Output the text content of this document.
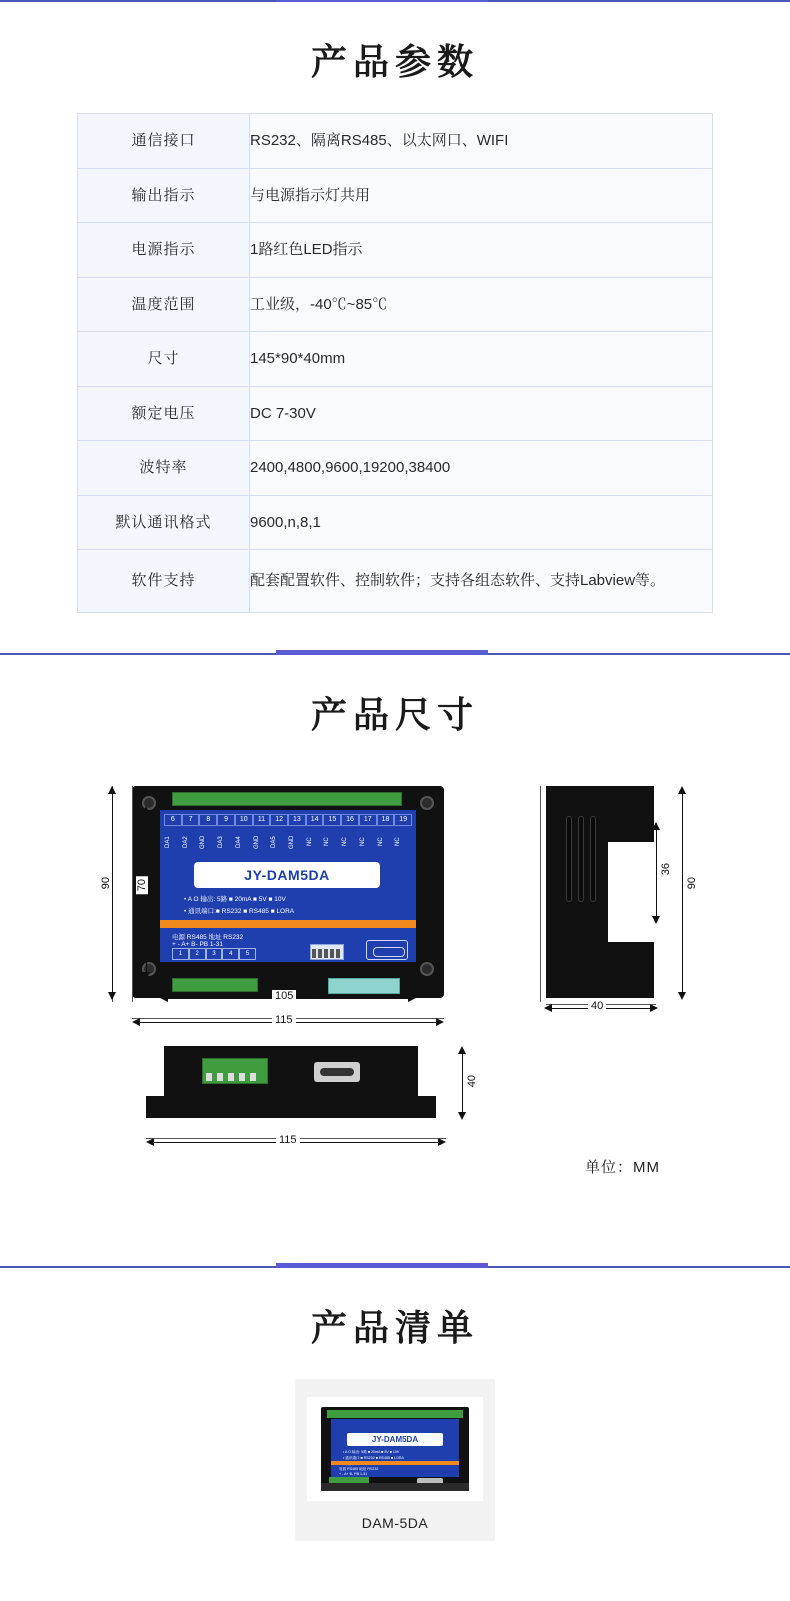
产品参数
通信接口	RS232、隔离RS485、以太网口、WIFI
输出指示	与电源指示灯共用
电源指示	1路红色LED指示
温度范围	工业级，-40℃~85℃
尺寸	145*90*40mm
额定电压	DC 7-30V
波特率	2400,4800,9600,19200,38400
默认通讯格式	9600,n,8,1
软件支持	配套配置软件、控制软件；支持各组态软件、支持Labview等。
产品尺寸
6	7	8	9	10	11	12	13	14	15	16	17	18	19
DA1	DA2	GND	DA3	DA4	GND	DA5	GND	NC	NC	NC	NC	NC	NC
JY-DAM5DA
• A O 输出: 5路 ■ 20mA ■ 5V ■ 10V
• 通讯端口:■ RS232 ■ RS485 ■ LORA
电源 RS485 地址 RS232
+ - A+ B- PB 1-31
1	2	3	4	5
90 70
105
115
90
36
40
40
115
单位：MM
产品清单
JY-DAM5DA
• A O 输出: 5路 ■ 20mA ■ 5V ■ 10V
• 通讯端口:■ RS232 ■ RS485 ■ LORA
电源 RS485 地址 RS232
+ - A+ B- PB 1-31
DAM-5DA
